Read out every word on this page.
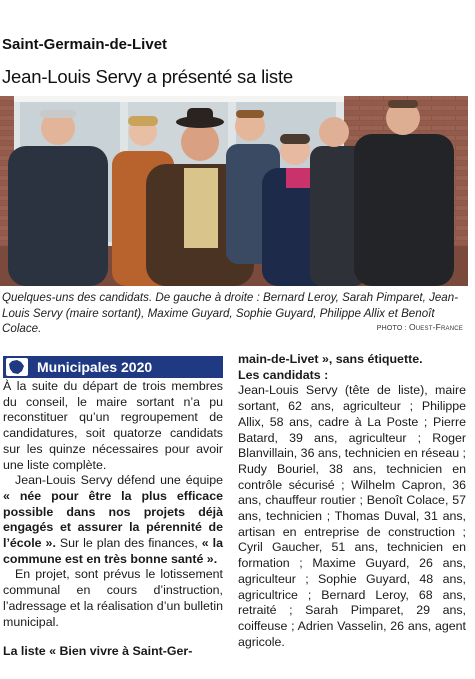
Saint-Germain-de-Livet
Jean-Louis Servy a présenté sa liste
Quelques-uns des candidats. De gauche à droite : Bernard Leroy, Sarah Pimparet, Jean-Louis Servy (maire sortant), Maxime Guyard, Sophie Guyard, Philippe Allix et Benoît Colace.	PHOTO : Ouest-France
Municipales 2020

À la suite du départ de trois membres du conseil, le maire sortant n’a pu reconstituer qu’un regroupement de candidatures, soit quatorze candidats sur les quinze nécessaires pour avoir une liste complète.

Jean-Louis Servy défend une équipe « née pour être la plus efficace possible dans nos projets déjà engagés et assurer la pérennité de l’école ». Sur le plan des finances, « la commune est en très bonne santé ».

En projet, sont prévus le lotissement communal en cours d’instruction, l’adressage et la réalisation d’un bulletin municipal.

La liste « Bien vivre à Saint-Ger-

main-de-Livet », sans étiquette.

Les candidats :

Jean-Louis Servy (tête de liste), maire sortant, 62 ans, agriculteur ; Philippe Allix, 58 ans, cadre à La Poste ; Pierre Batard, 39 ans, agriculteur ; Roger Blanvillain, 36 ans, technicien en réseau ; Rudy Bouriel, 38 ans, technicien en contrôle sécurisé ; Wilhelm Capron, 36 ans, chauffeur routier ; Benoît Colace, 57 ans, technicien ; Thomas Duval, 31 ans, artisan en entreprise de construction ; Cyril Gaucher, 51 ans, technicien en formation ; Maxime Guyard, 26 ans, agriculteur ; Sophie Guyard, 48 ans, agricultrice ; Bernard Leroy, 68 ans, retraité ; Sarah Pimparet, 29 ans, coiffeuse ; Adrien Vasselin, 26 ans, agent agricole.
